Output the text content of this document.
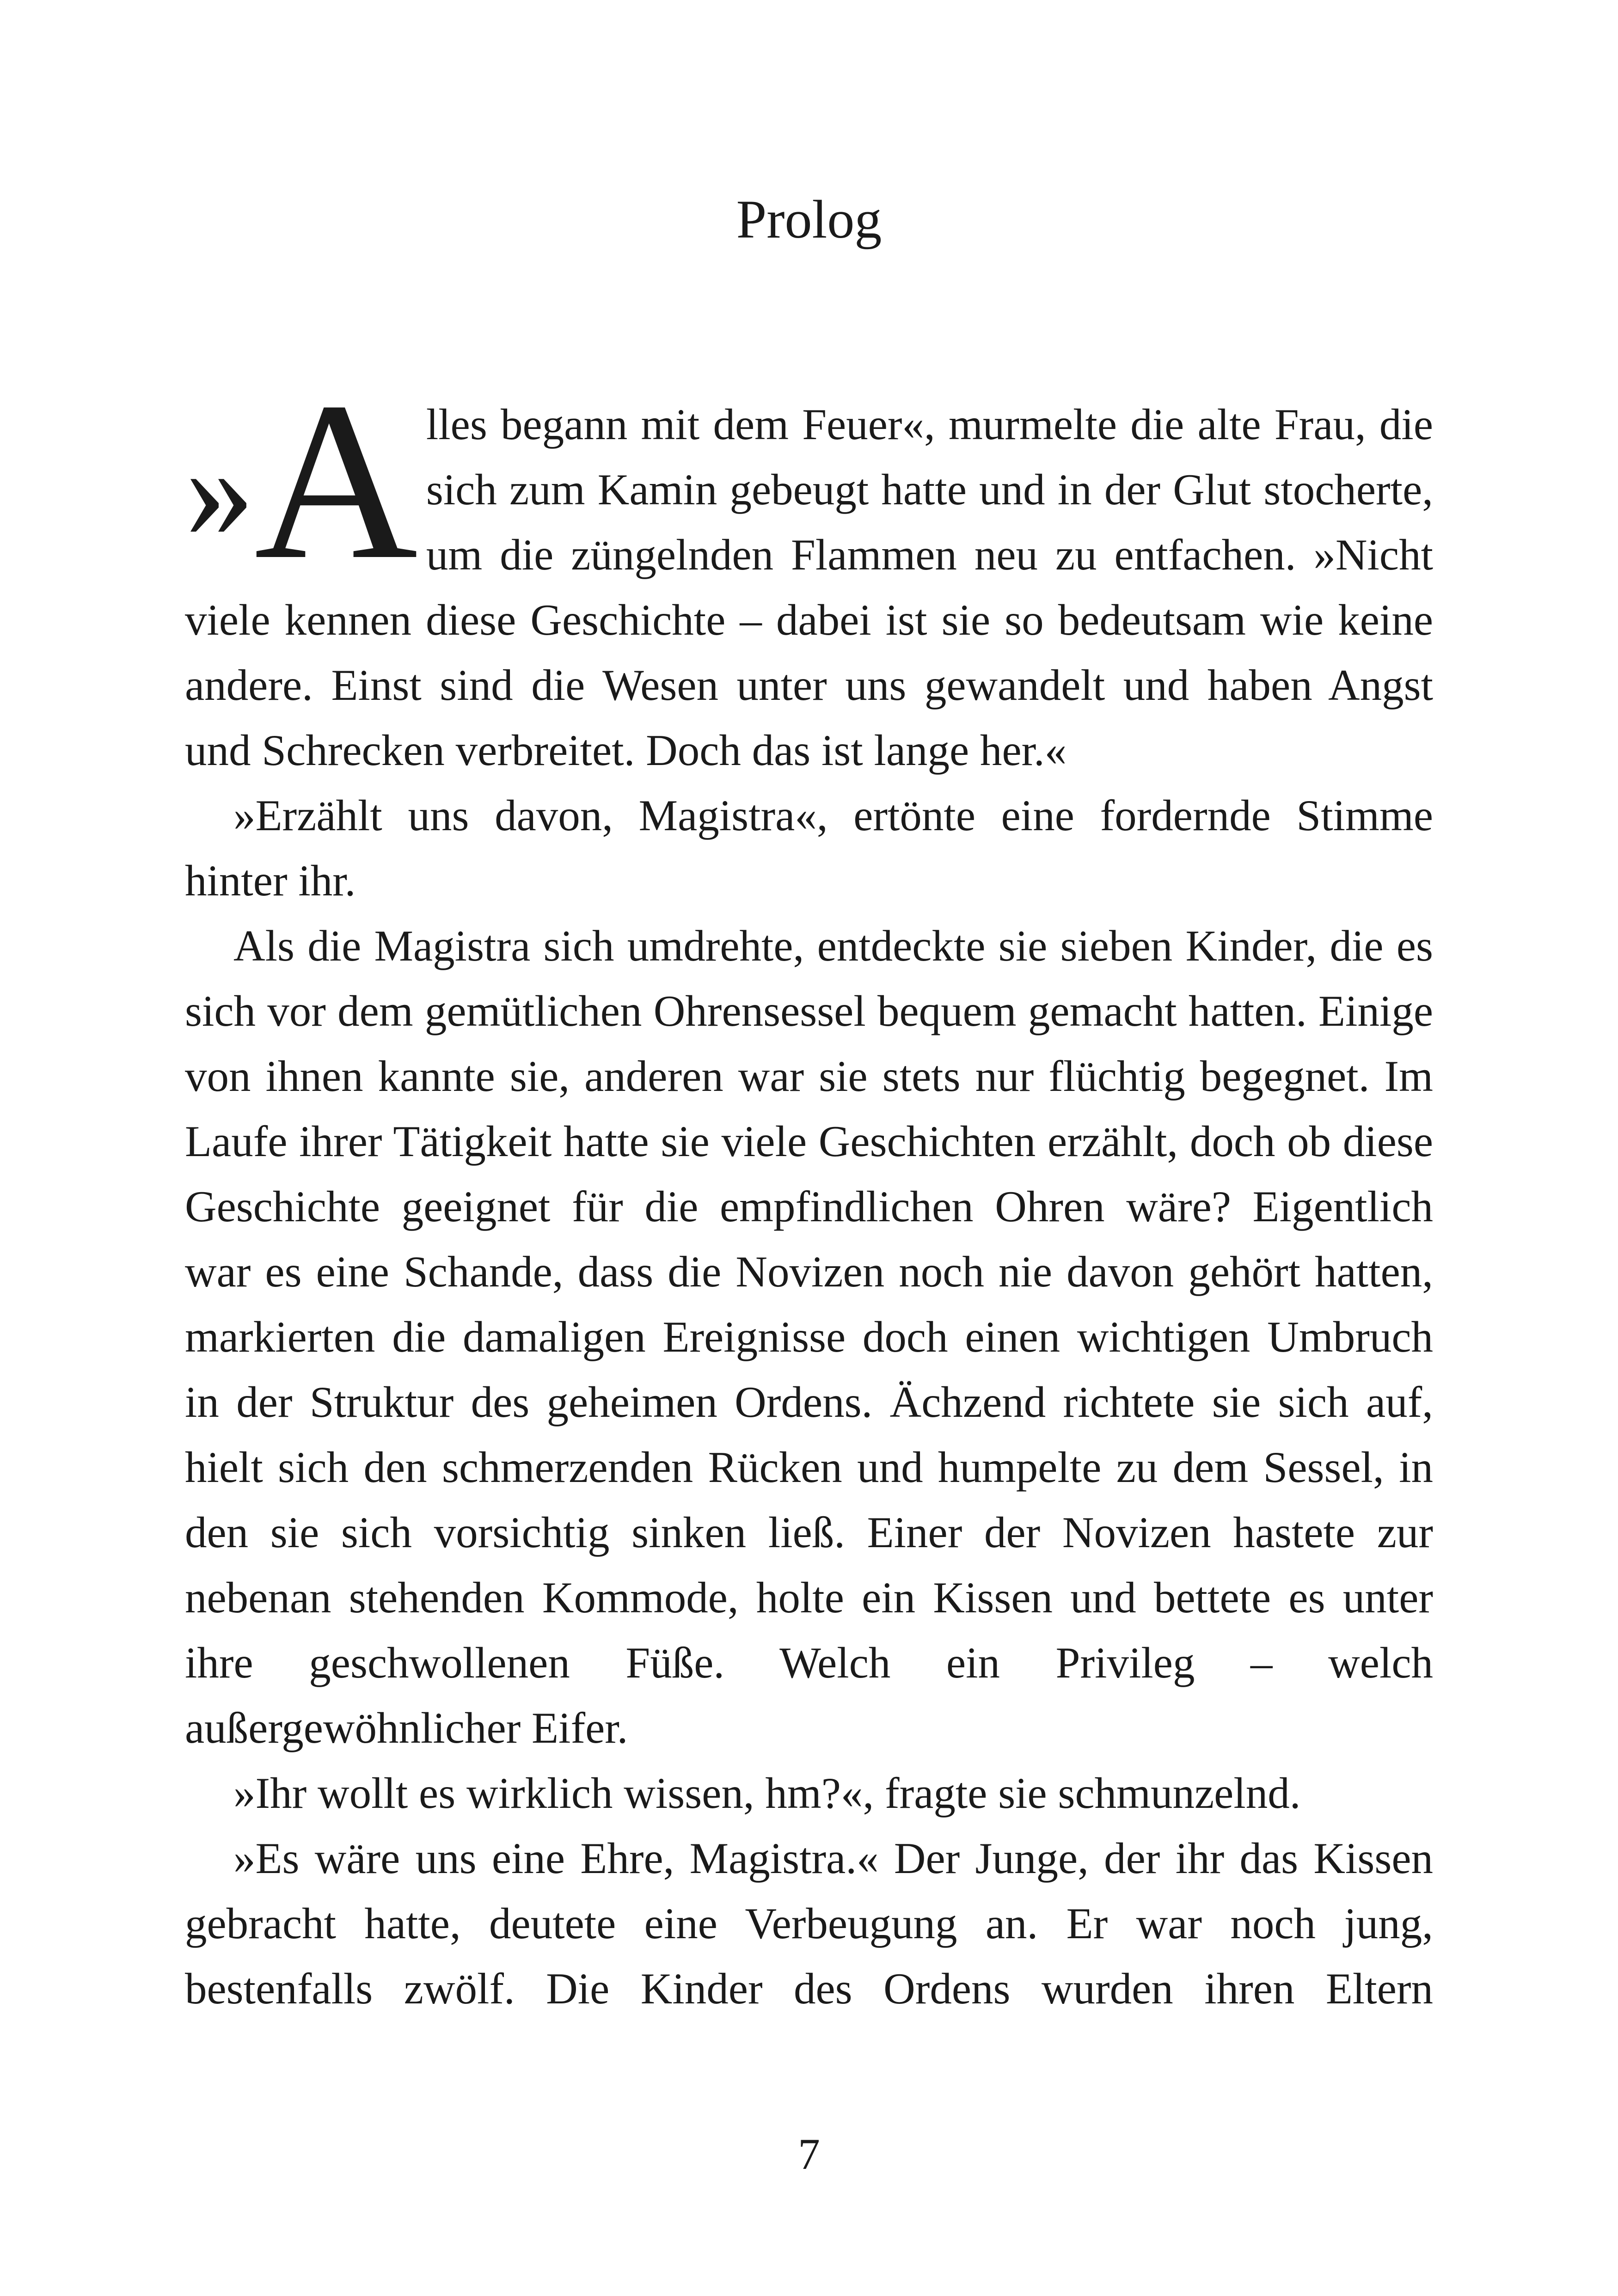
Prolog

» A lles begann mit dem Feuer«, murmelte die alte Frau, die sich zum Kamin gebeugt hatte und in der Glut stocherte, um die züngelnden Flammen neu zu entfachen. »Nicht viele kennen diese Geschichte – dabei ist sie so bedeutsam wie keine andere. Einst sind die Wesen unter uns gewandelt und haben Angst und Schrecken verbreitet. Doch das ist lange her.«

»Erzählt uns davon, Magistra«, ertönte eine fordernde Stimme hinter ihr.

Als die Magistra sich umdrehte, entdeckte sie sieben Kinder, die es sich vor dem gemütlichen Ohrensessel bequem gemacht hatten. Einige von ihnen kannte sie, anderen war sie stets nur flüchtig begegnet. Im Laufe ihrer Tätigkeit hatte sie viele Geschichten erzählt, doch ob diese Geschichte geeignet für die empfindlichen Ohren wäre? Eigentlich war es eine Schande, dass die Novizen noch nie davon gehört hatten, markierten die damaligen Ereignisse doch einen wichtigen Umbruch in der Struktur des geheimen Ordens. Ächzend richtete sie sich auf, hielt sich den schmerzenden Rücken und humpelte zu dem Sessel, in den sie sich vorsichtig sinken ließ. Einer der Novizen hastete zur nebenan stehenden Kommode, holte ein Kissen und bettete es unter ihre geschwollenen Füße. Welch ein Privileg – welch außergewöhnlicher Eifer.

»Ihr wollt es wirklich wissen, hm?«, fragte sie schmunzelnd.

»Es wäre uns eine Ehre, Magistra.« Der Junge, der ihr das Kissen gebracht hatte, deutete eine Verbeugung an. Er war noch jung, bestenfalls zwölf. Die Kinder des Ordens wurden ihren Eltern

7
